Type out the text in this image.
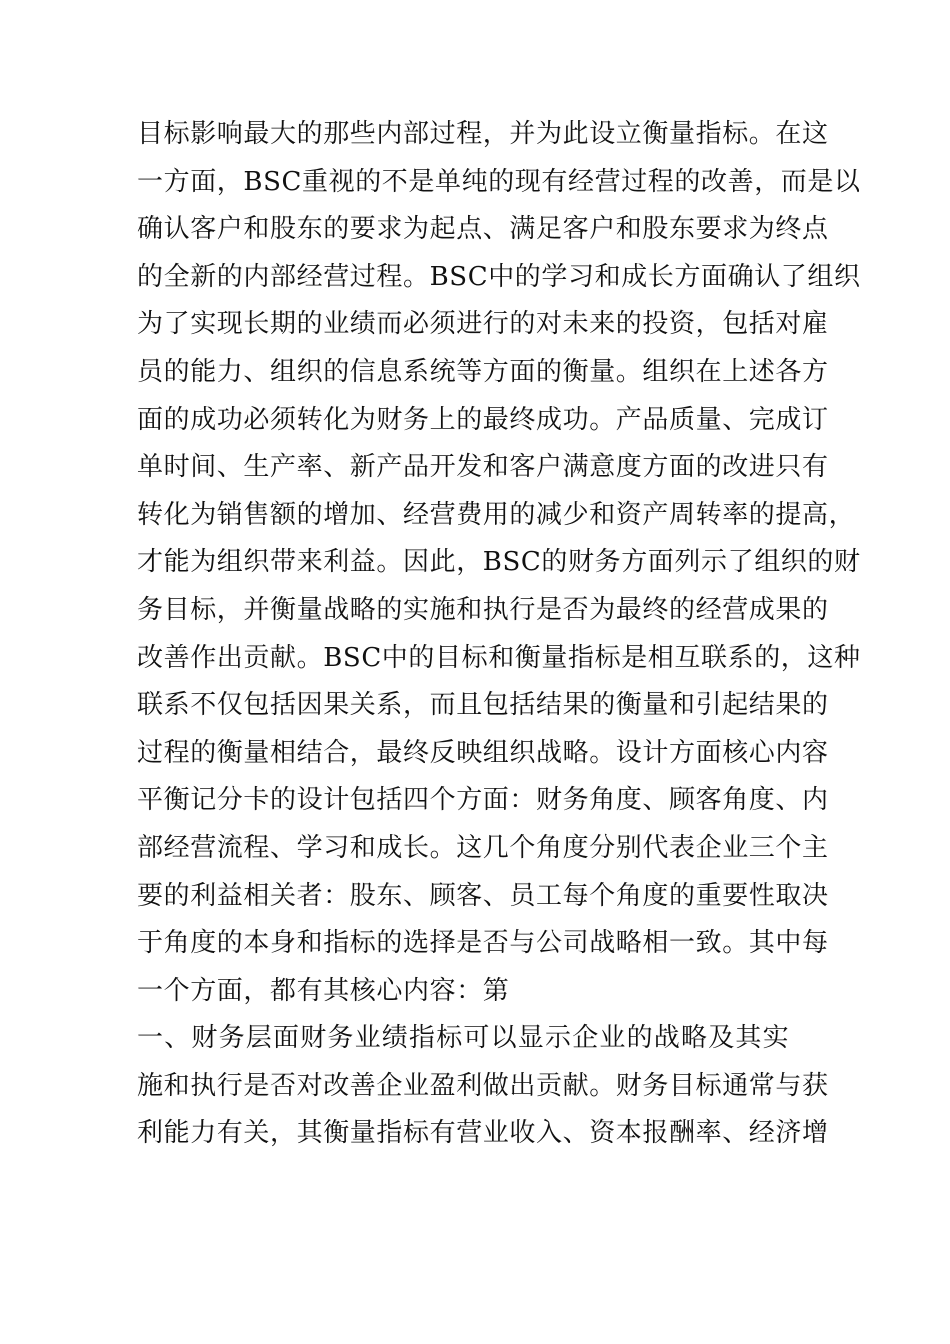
目标影响最大的那些内部过程，并为此设立衡量指标。在这
一方面，BSC重视的不是单纯的现有经营过程的改善，而是以
确认客户和股东的要求为起点、满足客户和股东要求为终点
的全新的内部经营过程。BSC中的学习和成长方面确认了组织
为了实现长期的业绩而必须进行的对未来的投资，包括对雇
员的能力、组织的信息系统等方面的衡量。组织在上述各方
面的成功必须转化为财务上的最终成功。产品质量、完成订
单时间、生产率、新产品开发和客户满意度方面的改进只有
转化为销售额的增加、经营费用的减少和资产周转率的提高，
才能为组织带来利益。因此，BSC的财务方面列示了组织的财
务目标，并衡量战略的实施和执行是否为最终的经营成果的
改善作出贡献。BSC中的目标和衡量指标是相互联系的，这种
联系不仅包括因果关系，而且包括结果的衡量和引起结果的
过程的衡量相结合，最终反映组织战略。设计方面核心内容
平衡记分卡的设计包括四个方面：财务角度、顾客角度、内
部经营流程、学习和成长。这几个角度分别代表企业三个主
要的利益相关者：股东、顾客、员工每个角度的重要性取决
于角度的本身和指标的选择是否与公司战略相一致。其中每
一个方面，都有其核心内容：第
一、财务层面财务业绩指标可以显示企业的战略及其实
施和执行是否对改善企业盈利做出贡献。财务目标通常与获
利能力有关，其衡量指标有营业收入、资本报酬率、经济增
